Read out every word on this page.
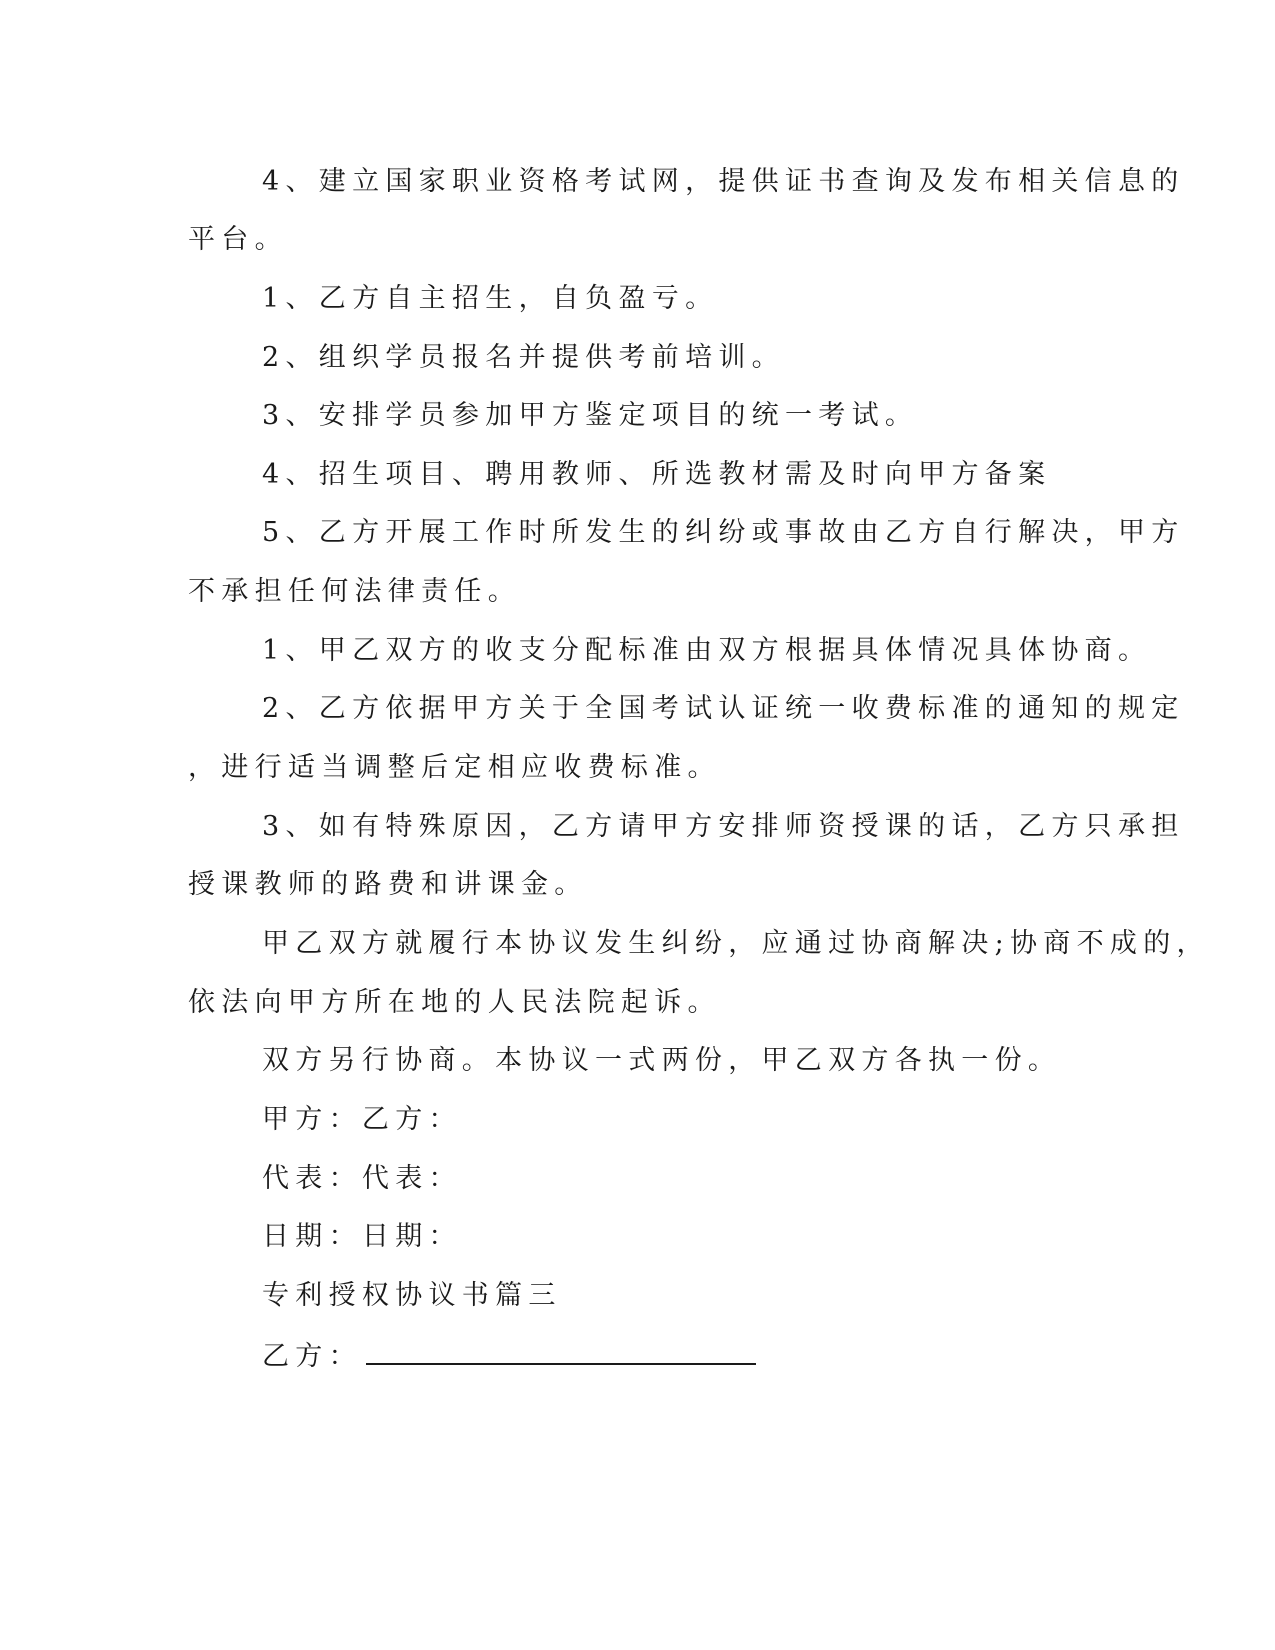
4、建立国家职业资格考试网，提供证书查询及发布相关信息的
平台。
1、乙方自主招生，自负盈亏。
2、组织学员报名并提供考前培训。
3、安排学员参加甲方鉴定项目的统一考试。
4、招生项目、聘用教师、所选教材需及时向甲方备案
5、乙方开展工作时所发生的纠纷或事故由乙方自行解决，甲方
不承担任何法律责任。
1、甲乙双方的收支分配标准由双方根据具体情况具体协商。
2、乙方依据甲方关于全国考试认证统一收费标准的通知的规定
，进行适当调整后定相应收费标准。
3、如有特殊原因，乙方请甲方安排师资授课的话，乙方只承担
授课教师的路费和讲课金。
甲乙双方就履行本协议发生纠纷，应通过协商解决;协商不成的，
依法向甲方所在地的人民法院起诉。
双方另行协商。本协议一式两份，甲乙双方各执一份。
甲方：乙方：
代表：代表：
日期：日期：
专利授权协议书篇三
乙方：
